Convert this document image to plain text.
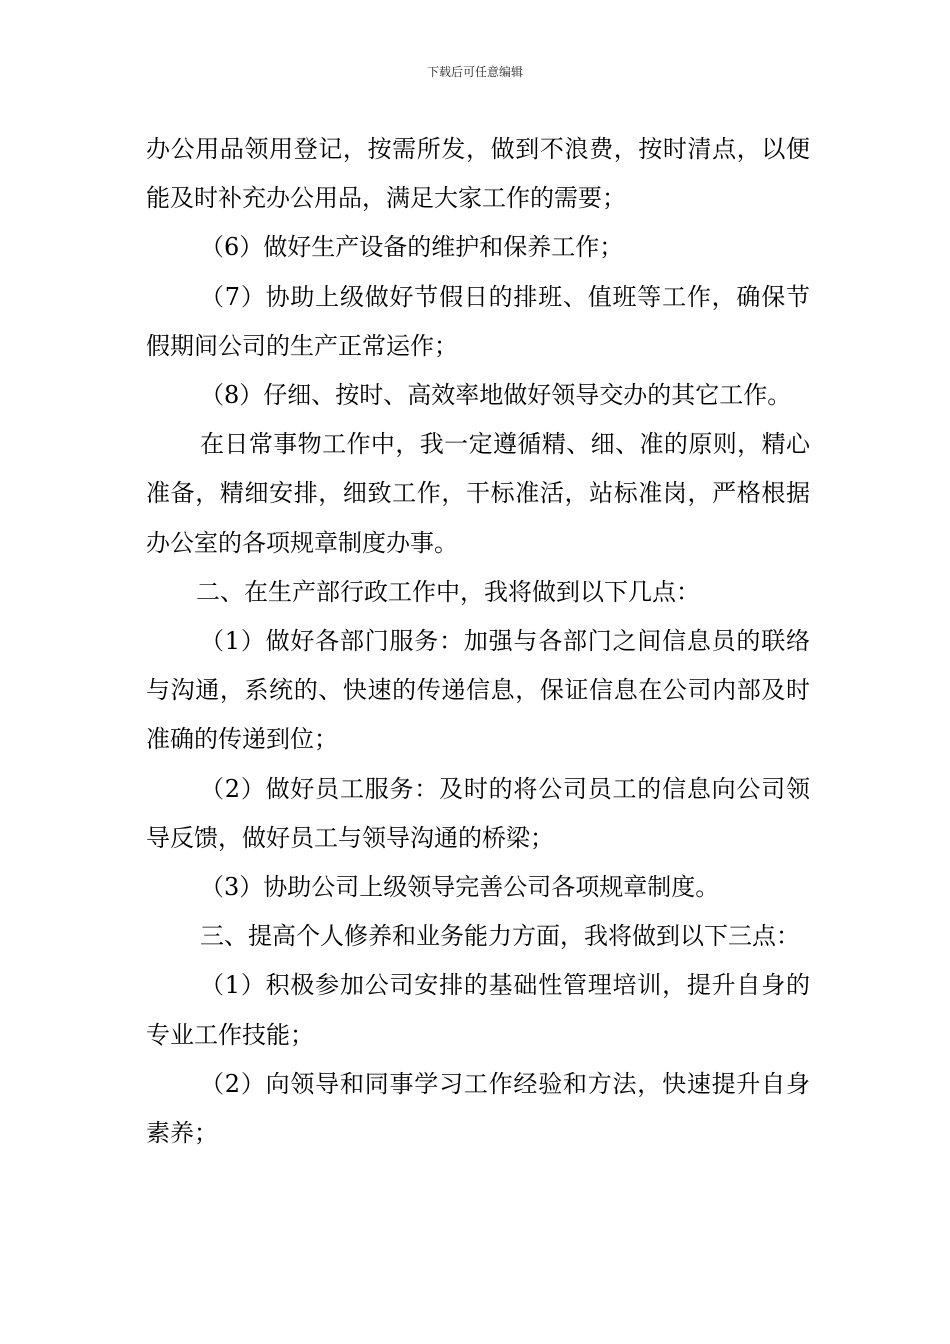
下载后可任意编辑

办公用品领用登记，按需所发，做到不浪费，按时清点，以便能及时补充办公用品，满足大家工作的需要；

（6）做好生产设备的维护和保养工作；

（7）协助上级做好节假日的排班、值班等工作，确保节假期间公司的生产正常运作；

（8）仔细、按时、高效率地做好领导交办的其它工作。

在日常事物工作中，我一定遵循精、细、准的原则，精心准备，精细安排，细致工作，干标准活，站标准岗，严格根据办公室的各项规章制度办事。

二、在生产部行政工作中，我将做到以下几点：

（1）做好各部门服务：加强与各部门之间信息员的联络与沟通，系统的、快速的传递信息，保证信息在公司内部及时准确的传递到位；

（2）做好员工服务：及时的将公司员工的信息向公司领导反馈，做好员工与领导沟通的桥梁；

（3）协助公司上级领导完善公司各项规章制度。

三、提高个人修养和业务能力方面，我将做到以下三点：

（1）积极参加公司安排的基础性管理培训，提升自身的专业工作技能；

（2）向领导和同事学习工作经验和方法，快速提升自身素养；
